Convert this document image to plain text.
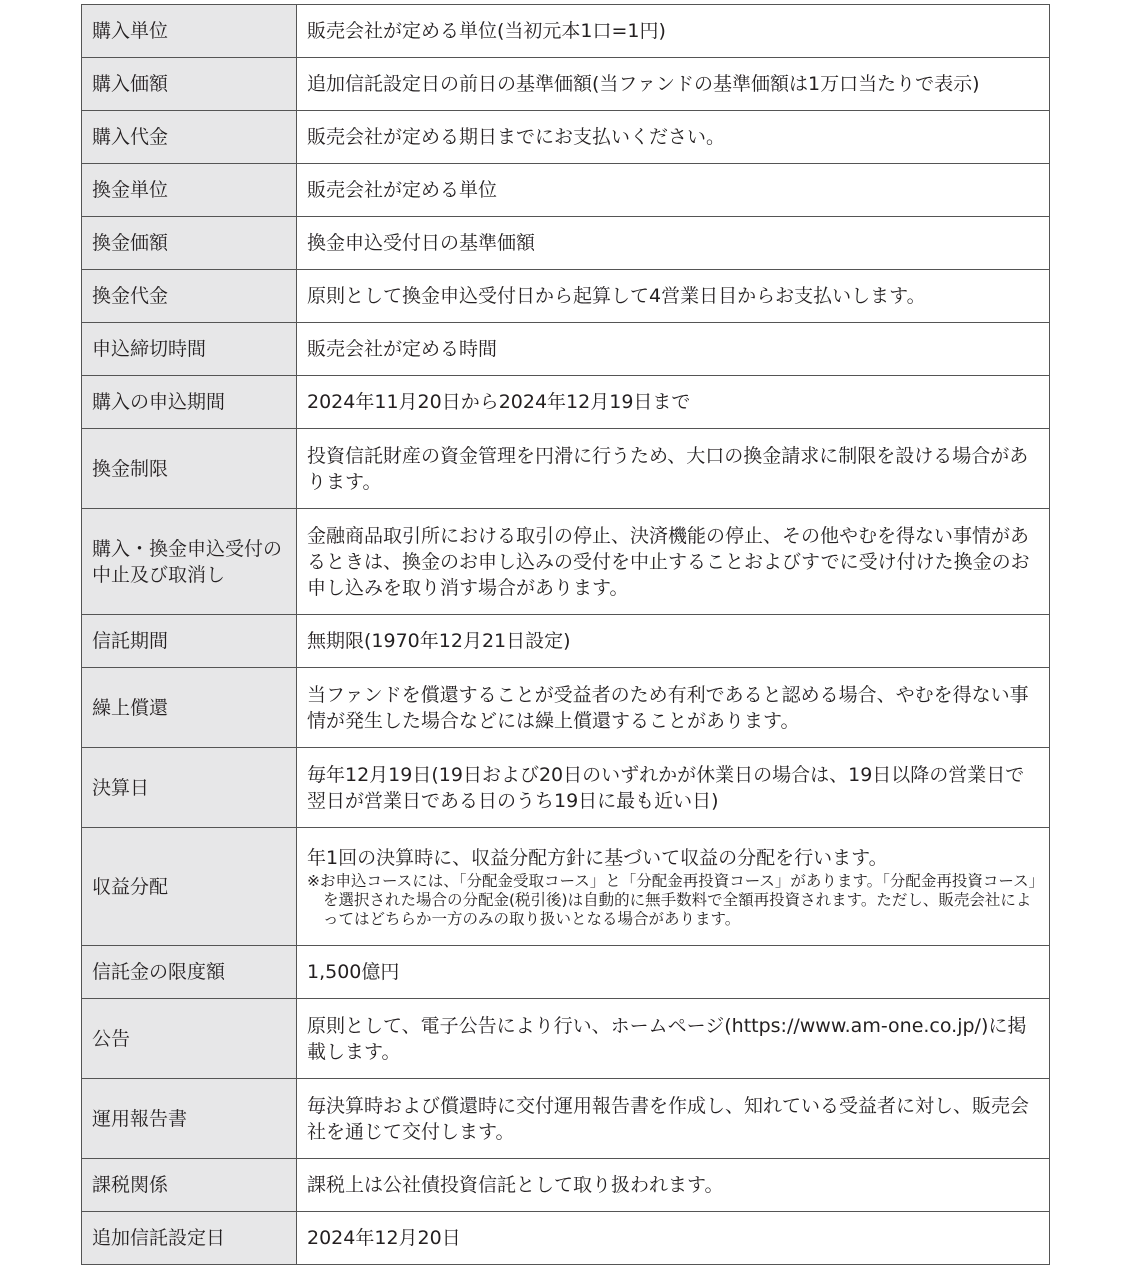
購入単位	販売会社が定める単位(当初元本1口=1円)
購入価額	追加信託設定日の前日の基準価額(当ファンドの基準価額は1万口当たりで表示)
購入代金	販売会社が定める期日までにお支払いください。
換金単位	販売会社が定める単位
換金価額	換金申込受付日の基準価額
換金代金	原則として換金申込受付日から起算して4営業日目からお支払いします。
申込締切時間	販売会社が定める時間
購入の申込期間	2024年11月20日から2024年12月19日まで
換金制限	投資信託財産の資金管理を円滑に行うため、大口の換金請求に制限を設ける場合があります。
購入・換金申込受付の中止及び取消し	金融商品取引所における取引の停止、決済機能の停止、その他やむを得ない事情があるときは、換金のお申し込みの受付を中止することおよびすでに受け付けた換金のお申し込みを取り消す場合があります。
信託期間	無期限(1970年12月21日設定)
繰上償還	当ファンドを償還することが受益者のため有利であると認める場合、やむを得ない事情が発生した場合などには繰上償還することがあります。
決算日	毎年12月19日(19日および20日のいずれかが休業日の場合は、19日以降の営業日で翌日が営業日である日のうち19日に最も近い日)
収益分配	年1回の決算時に、収益分配方針に基づいて収益の分配を行います。
※お申込コースには、「分配金受取コース」と「分配金再投資コース」があります。「分配金再投資コース」を選択された場合の分配金(税引後)は自動的に無手数料で全額再投資されます。ただし、販売会社によってはどちらか一方のみの取り扱いとなる場合があります。

信託金の限度額	1,500億円
公告	原則として、電子公告により行い、ホームページ(https://www.am-one.co.jp/)に掲載します。
運用報告書	毎決算時および償還時に交付運用報告書を作成し、知れている受益者に対し、販売会社を通じて交付します。
課税関係	課税上は公社債投資信託として取り扱われます。
追加信託設定日	2024年12月20日
